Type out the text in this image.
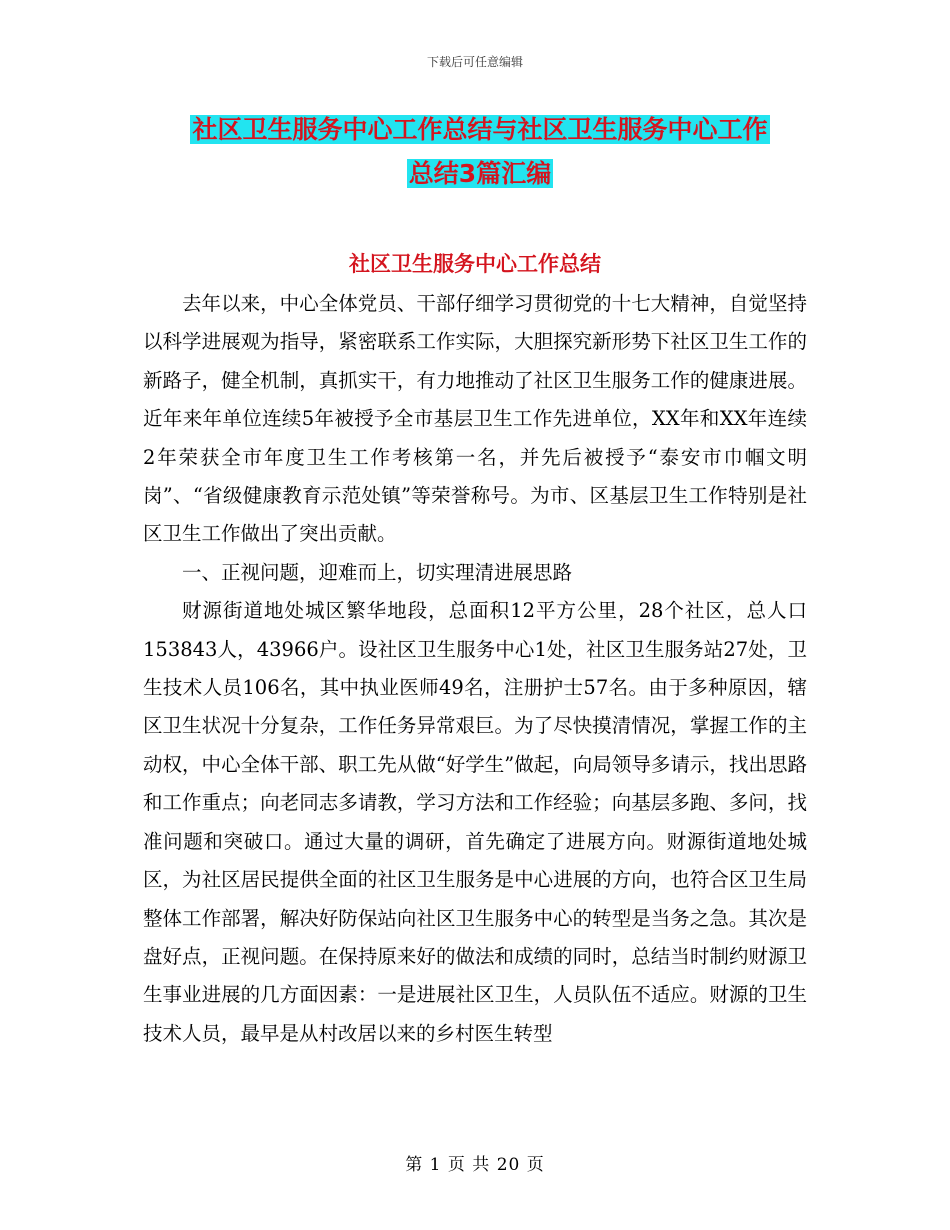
下载后可任意编辑
社区卫生服务中心工作总结与社区卫生服务中心工作
总结3篇汇编
社区卫生服务中心工作总结

去年以来，中心全体党员、干部仔细学习贯彻党的十七大精神，自觉坚持以科学进展观为指导，紧密联系工作实际，大胆探究新形势下社区卫生工作的新路子，健全机制，真抓实干，有力地推动了社区卫生服务工作的健康进展。近年来年单位连续5年被授予全市基层卫生工作先进单位，XX年和XX年连续2年荣获全市年度卫生工作考核第一名，并先后被授予“泰安市巾帼文明岗”、“省级健康教育示范处镇”等荣誉称号。为市、区基层卫生工作特别是社区卫生工作做出了突出贡献。

一、正视问题，迎难而上，切实理清进展思路

财源街道地处城区繁华地段，总面积12平方公里，28个社区，总人口153843人，43966户。设社区卫生服务中心1处，社区卫生服务站27处，卫生技术人员106名，其中执业医师49名，注册护士57名。由于多种原因，辖区卫生状况十分复杂，工作任务异常艰巨。为了尽快摸清情况，掌握工作的主动权，中心全体干部、职工先从做“好学生”做起，向局领导多请示，找出思路和工作重点；向老同志多请教，学习方法和工作经验；向基层多跑、多问，找准问题和突破口。通过大量的调研，首先确定了进展方向。财源街道地处城区，为社区居民提供全面的社区卫生服务是中心进展的方向，也符合区卫生局整体工作部署，解决好防保站向社区卫生服务中心的转型是当务之急。其次是盘好点，正视问题。在保持原来好的做法和成绩的同时，总结当时制约财源卫生事业进展的几方面因素：一是进展社区卫生，人员队伍不适应。财源的卫生技术人员，最早是从村改居以来的乡村医生转型

第 1 页 共 20 页
